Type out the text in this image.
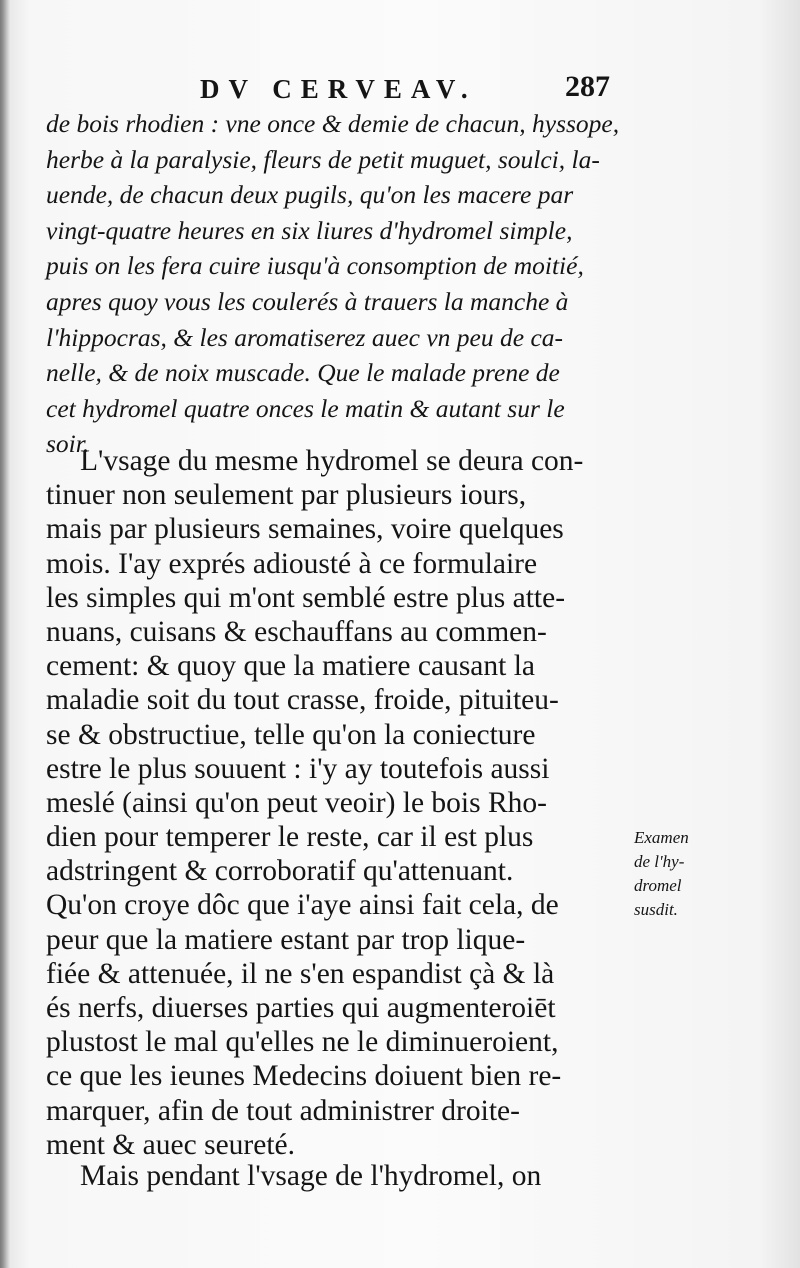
DV CERVEAV.	287
de bois rhodien : vne once & demie de chacun, hyssope,
herbe à la paralysie, fleurs de petit muguet, soulci, la-
uende, de chacun deux pugils, qu'on les macere par
vingt-quatre heures en six liures d'hydromel simple,
puis on les fera cuire iusqu'à consomption de moitié,
apres quoy vous les coulerés à trauers la manche à
l'hippocras, & les aromatiserez auec vn peu de ca-
nelle, & de noix muscade. Que le malade prene de
cet hydromel quatre onces le matin & autant sur le
soir.
L'vsage du mesme hydromel se deura con-
tinuer non seulement par plusieurs iours,
mais par plusieurs semaines, voire quelques
mois. I'ay exprés adiousté à ce formulaire
les simples qui m'ont semblé estre plus atte-
nuans, cuisans & eschauffans au commen-
cement: & quoy que la matiere causant la
maladie soit du tout crasse, froide, pituiteu-
se & obstructiue, telle qu'on la coniecture
estre le plus souuent : i'y ay toutefois aussi
meslé (ainsi qu'on peut veoir) le bois Rho-
dien pour temperer le reste, car il est plus
adstringent & corroboratif qu'attenuant.
Qu'on croye dôc que i'aye ainsi fait cela, de
peur que la matiere estant par trop lique-
fiée & attenuée, il ne s'en espandist çà & là
és nerfs, diuerses parties qui augmenteroiēt
plustost le mal qu'elles ne le diminueroient,
ce que les ieunes Medecins doiuent bien re-
marquer, afin de tout administrer droite-
ment & auec seureté.
Mais pendant l'vsage de l'hydromel, on
Examen
de l'hy-
dromel
susdit.
